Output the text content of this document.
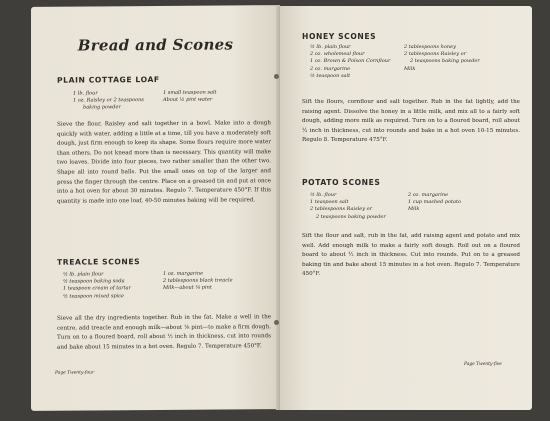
Bread and Scones
PLAIN COTTAGE LOAF
1 lb. flour
1 oz. Raisley or 2 teaspoons
baking powder
1 small teaspoon salt
About ½ pint water
Sieve the flour, Raisley and salt together in a bowl. Make into a dough quickly with water, adding a little at a time, till you have a moderately soft dough, just firm enough to keep its shape. Some flours require more water than others. Do not knead more than is necessary. This quantity will make two loaves. Divide into four pieces, two rather smaller than the other two. Shape all into round balls. Put the small ones on top of the larger and press the finger through the centre. Place on a greased tin and put at once into a hot oven for about 30 minutes. Regulo 7. Temperature 450°F. If this quantity is made into one loaf, 40-50 minutes baking will be required.
TREACLE SCONES
½ lb. plain flour
½ teaspoon baking soda
1 teaspoon cream of tartar
½ teaspoon mixed spice
1 oz. margarine
2 tablespoons black treacle
Milk—about ⅛ pint
Sieve all the dry ingredients together. Rub in the fat. Make a well in the centre, add treacle and enough milk—about ⅛ pint—to make a firm dough. Turn on to a floured board, roll about ½ inch in thickness, cut into rounds and bake about 15 minutes in a hot oven. Regulo 7. Temperature 450°F.
Page Twenty-four
HONEY SCONES
½ lb. plain flour
2 oz. wholemeal flour
1 oz. Brown & Polson Cornflour
2 oz. margarine
½ teaspoon salt
2 tablespoons honey
2 tablespoons Raisley or
2 teaspoons baking powder
Milk
Sift the flours, cornflour and salt together. Rub in the fat lightly, add the raising agent. Dissolve the honey in a little milk, and mix all to a fairly soft dough, adding more milk as required. Turn on to a floured board, roll about ½ inch in thickness, cut into rounds and bake in a hot oven 10-15 minutes. Regulo 8. Temperature 475°F.
POTATO SCONES
½ lb. flour
1 teaspoon salt
2 tablespoons Raisley or
2 teaspoons baking powder
2 oz. margarine
1 cup mashed potato
Milk
Sift the flour and salt, rub in the fat, add raising agent and potato and mix well. Add enough milk to make a fairly soft dough. Roll out on a floured board to about ½ inch in thickness. Cut into rounds. Put on to a greased baking tin and bake about 15 minutes in a hot oven. Regulo 7. Temperature 450°F.
Page Twenty-five
